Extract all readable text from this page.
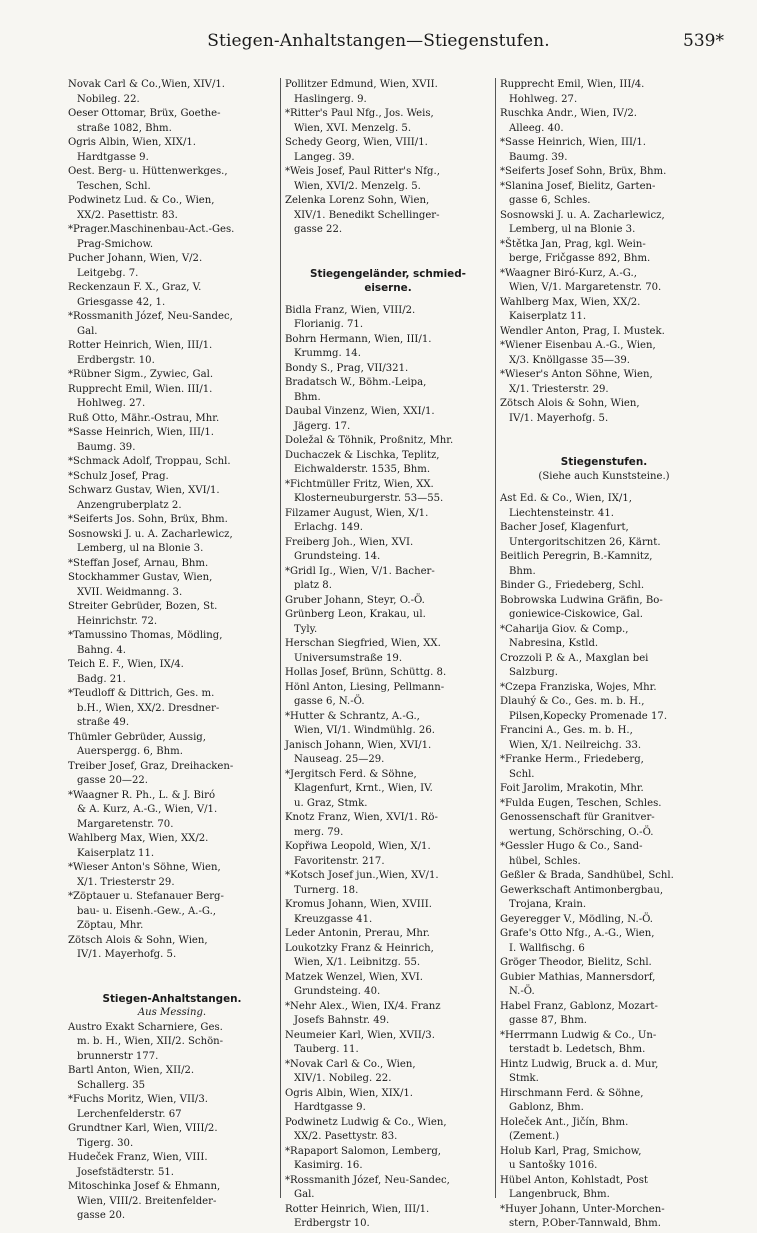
Stiegen-Anhaltstangen—Stiegenstufen.	539*
Novak Carl & Co.,Wien, XIV/1.
Nobileg. 22.
Oeser Ottomar, Brüx, Goethe-
straße 1082, Bhm.
Ogris Albin, Wien, XIX/1.
Hardtgasse 9.
Oest. Berg- u. Hüttenwerkges.,
Teschen, Schl.
Podwinetz Lud. & Co., Wien,
XX/2. Pasettistr. 83.
*Prager.Maschinenbau-Act.-Ges.
Prag-Smichow.
Pucher Johann, Wien, V/2.
Leitgebg. 7.
Reckenzaun F. X., Graz, V.
Griesgasse 42, 1.
*Rossmanith Józef, Neu-Sandec,
Gal.
Rotter Heinrich, Wien, III/1.
Erdbergstr. 10.
*Rübner Sigm., Zywiec, Gal.
Rupprecht Emil, Wien. III/1.
Hohlweg. 27.
Ruß Otto, Mähr.-Ostrau, Mhr.
*Sasse Heinrich, Wien, III/1.
Baumg. 39.
*Schmack Adolf, Troppau, Schl.
*Schulz Josef, Prag.
Schwarz Gustav, Wien, XVI/1.
Anzengruberplatz 2.
*Seiferts Jos. Sohn, Brüx, Bhm.
Sosnowski J. u. A. Zacharlewicz,
Lemberg, ul na Blonie 3.
*Steffan Josef, Arnau, Bhm.
Stockhammer Gustav, Wien,
XVII. Weidmanng. 3.
Streiter Gebrüder, Bozen, St.
Heinrichstr. 72.
*Tamussino Thomas, Mödling,
Bahng. 4.
Teich E. F., Wien, IX/4.
Badg. 21.
*Teudloff & Dittrich, Ges. m.
b.H., Wien, XX/2. Dresdner-
straße 49.
Thümler Gebrüder, Aussig,
Auerspergg. 6, Bhm.
Treiber Josef, Graz, Dreihacken-
gasse 20—22.
*Waagner R. Ph., L. & J. Biró
& A. Kurz, A.-G., Wien, V/1.
Margaretenstr. 70.
Wahlberg Max, Wien, XX/2.
Kaiserplatz 11.
*Wieser Anton's Söhne, Wien,
X/1. Triesterstr 29.
*Zöptauer u. Stefanauer Berg-
bau- u. Eisenh.-Gew., A.-G.,
Zöptau, Mhr.
Zötsch Alois & Sohn, Wien,
IV/1. Mayerhofg. 5.
Stiegen-Anhaltstangen.
Aus Messing.
Austro Exakt Scharniere, Ges.
m. b. H., Wien, XII/2. Schön-
brunnerstr 177.
Bartl Anton, Wien, XII/2.
Schallerg. 35
*Fuchs Moritz, Wien, VII/3.
Lerchenfelderstr. 67
Grundtner Karl, Wien, VIII/2.
Tigerg. 30.
Hudeček Franz, Wien, VIII.
Josefstädterstr. 51.
Mitoschinka Josef & Ehmann,
Wien, VIII/2. Breitenfelder-
gasse 20.
Pollitzer Edmund, Wien, XVII.
Haslingerg. 9.
*Ritter's Paul Nfg., Jos. Weis,
Wien, XVI. Menzelg. 5.
Schedy Georg, Wien, VIII/1.
Langeg. 39.
*Weis Josef, Paul Ritter's Nfg.,
Wien, XVI/2. Menzelg. 5.
Zelenka Lorenz Sohn, Wien,
XIV/1. Benedikt Schellinger-
gasse 22.
Stiegengeländer, schmied-
eiserne.
Bidla Franz, Wien, VIII/2.
Florianig. 71.
Bohrn Hermann, Wien, III/1.
Krummg. 14.
Bondy S., Prag, VII/321.
Bradatsch W., Böhm.-Leipa,
Bhm.
Daubal Vinzenz, Wien, XXI/1.
Jägerg. 17.
Doležal & Töhnik, Proßnitz, Mhr.
Duchaczek & Lischka, Teplitz,
Eichwalderstr. 1535, Bhm.
*Fichtmüller Fritz, Wien, XX.
Klosterneuburgerstr. 53—55.
Filzamer August, Wien, X/1.
Erlachg. 149.
Freiberg Joh., Wien, XVI.
Grundsteing. 14.
*Gridl Ig., Wien, V/1. Bacher-
platz 8.
Gruber Johann, Steyr, O.-Ö.
Grünberg Leon, Krakau, ul.
Tyly.
Herschan Siegfried, Wien, XX.
Universumstraße 19.
Hollas Josef, Brünn, Schüttg. 8.
Hönl Anton, Liesing, Pellmann-
gasse 6, N.-Ö.
*Hutter & Schrantz, A.-G.,
Wien, VI/1. Windmühlg. 26.
Janisch Johann, Wien, XVI/1.
Nauseag. 25—29.
*Jergitsch Ferd. & Söhne,
Klagenfurt, Krnt., Wien, IV.
u. Graz, Stmk.
Knotz Franz, Wien, XVI/1. Rö-
merg. 79.
Kopřiwa Leopold, Wien, X/1.
Favoritenstr. 217.
*Kotsch Josef jun.,Wien, XV/1.
Turnerg. 18.
Kromus Johann, Wien, XVIII.
Kreuzgasse 41.
Leder Antonin, Prerau, Mhr.
Loukotzky Franz & Heinrich,
Wien, X/1. Leibnitzg. 55.
Matzek Wenzel, Wien, XVI.
Grundsteing. 40.
*Nehr Alex., Wien, IX/4. Franz
Josefs Bahnstr. 49.
Neumeier Karl, Wien, XVII/3.
Tauberg. 11.
*Novak Carl & Co., Wien,
XIV/1. Nobileg. 22.
Ogris Albin, Wien, XIX/1.
Hardtgasse 9.
Podwinetz Ludwig & Co., Wien,
XX/2. Pasettystr. 83.
*Rapaport Salomon, Lemberg,
Kasimirg. 16.
*Rossmanith Józef, Neu-Sandec,
Gal.
Rotter Heinrich, Wien, III/1.
Erdbergstr 10.
Rupprecht Emil, Wien, III/4.
Hohlweg. 27.
Ruschka Andr., Wien, IV/2.
Alleeg. 40.
*Sasse Heinrich, Wien, III/1.
Baumg. 39.
*Seiferts Josef Sohn, Brüx, Bhm.
*Slanina Josef, Bielitz, Garten-
gasse 6, Schles.
Sosnowski J. u. A. Zacharlewicz,
Lemberg, ul na Blonie 3.
*Štětka Jan, Prag, kgl. Wein-
berge, Fričgasse 892, Bhm.
*Waagner Biró-Kurz, A.-G.,
Wien, V/1. Margaretenstr. 70.
Wahlberg Max, Wien, XX/2.
Kaiserplatz 11.
Wendler Anton, Prag, I. Mustek.
*Wiener Eisenbau A.-G., Wien,
X/3. Knöllgasse 35—39.
*Wieser's Anton Söhne, Wien,
X/1. Triesterstr. 29.
Zötsch Alois & Sohn, Wien,
IV/1. Mayerhofg. 5.
Stiegenstufen.
(Siehe auch Kunststeine.)
Ast Ed. & Co., Wien, IX/1,
Liechtensteinstr. 41.
Bacher Josef, Klagenfurt,
Untergoritschitzen 26, Kärnt.
Beitlich Peregrin, B.-Kamnitz,
Bhm.
Binder G., Friedeberg, Schl.
Bobrowska Ludwina Gräfin, Bo-
goniewice-Ciskowice, Gal.
*Caharija Giov. & Comp.,
Nabresina, Kstld.
Crozzoli P. & A., Maxglan bei
Salzburg.
*Czepa Franziska, Wojes, Mhr.
Dlauhý & Co., Ges. m. b. H.,
Pilsen,Kopecky Promenade 17.
Francini A., Ges. m. b. H.,
Wien, X/1. Neilreichg. 33.
*Franke Herm., Friedeberg,
Schl.
Foit Jarolim, Mrakotin, Mhr.
*Fulda Eugen, Teschen, Schles.
Genossenschaft für Granitver-
wertung, Schörsching, O.-Ö.
*Gessler Hugo & Co., Sand-
hübel, Schles.
Geßler & Brada, Sandhübel, Schl.
Gewerkschaft Antimonbergbau,
Trojana, Krain.
Geyeregger V., Mödling, N.-Ö.
Grafe's Otto Nfg., A.-G., Wien,
I. Wallfischg. 6
Gröger Theodor, Bielitz, Schl.
Gubier Mathias, Mannersdorf,
N.-Ö.
Habel Franz, Gablonz, Mozart-
gasse 87, Bhm.
*Herrmann Ludwig & Co., Un-
terstadt b. Ledetsch, Bhm.
Hintz Ludwig, Bruck a. d. Mur,
Stmk.
Hirschmann Ferd. & Söhne,
Gablonz, Bhm.
Holeček Ant., Jičín, Bhm.
(Zement.)
Holub Karl, Prag, Smichow,
u Santošky 1016.
Hübel Anton, Kohlstadt, Post
Langenbruck, Bhm.
*Huyer Johann, Unter-Morchen-
stern, P.Ober-Tannwald, Bhm.
